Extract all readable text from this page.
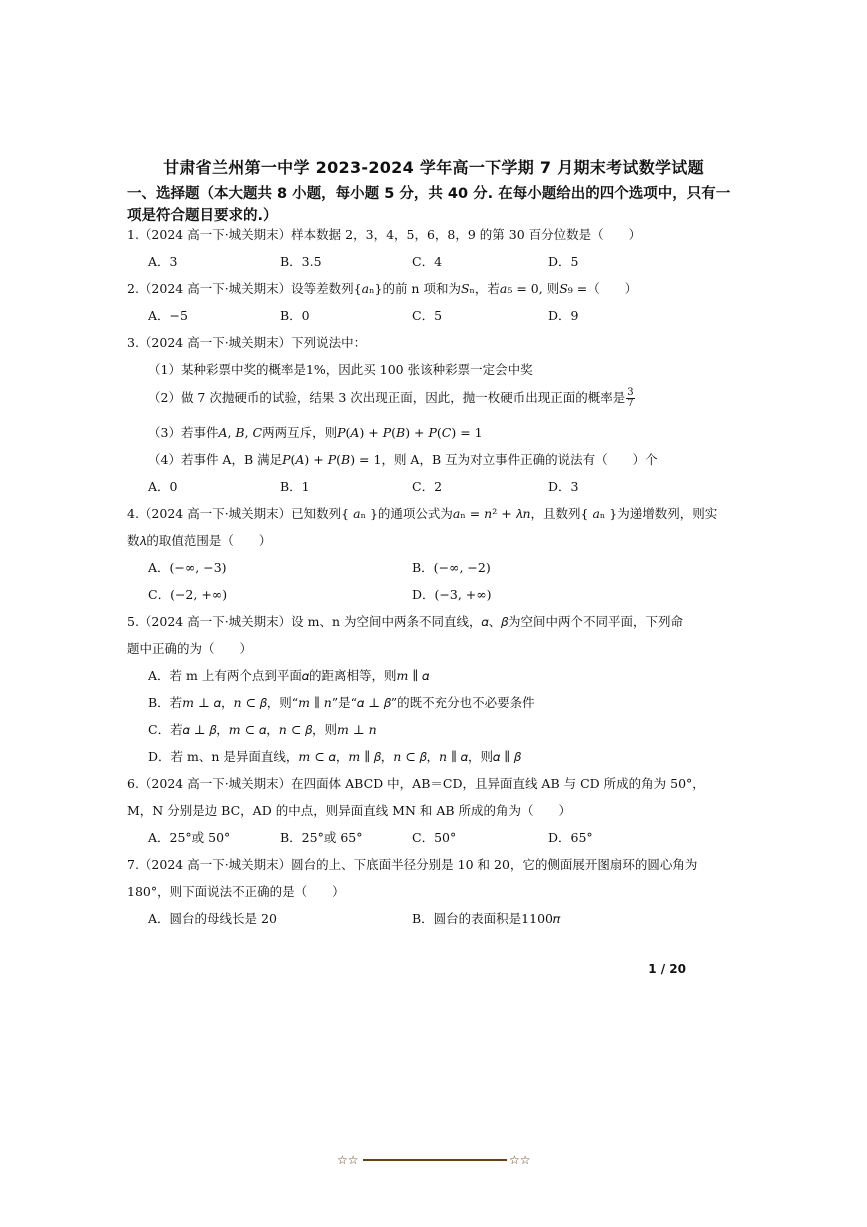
甘肃省兰州第一中学 2023-2024 学年高一下学期 7 月期末考试数学试题
一、选择题（本大题共 8 小题，每小题 5 分，共 40 分. 在每小题给出的四个选项中，只有一
项是符合题目要求的.）
1.（2024 高一下·城关期末）样本数据 2，3，4，5，6，8，9 的第 30 百分位数是（　　）
A．3	B．3.5	C．4	D．5
2.（2024 高一下·城关期末）设等差数列{𝑎ₙ}的前 n 项和为𝑆ₙ，若𝑎₅ = 0, 则𝑆₉ =（　　）
A．−5	B．0	C．5	D．9
3.（2024 高一下·城关期末）下列说法中：
（1）某种彩票中奖的概率是1%，因此买 100 张该种彩票一定会中奖
（2）做 7 次抛硬币的试验，结果 3 次出现正面，因此，抛一枚硬币出现正面的概率是 $\frac{3}{7}$
（3）若事件𝐴, 𝐵, 𝐶两两互斥，则𝑃(𝐴) + 𝑃(𝐵) + 𝑃(𝐶) = 1
（4）若事件 A，B 满足𝑃(𝐴) + 𝑃(𝐵) = 1，则 A，B 互为对立事件正确的说法有（　　）个
A．0	B．1	C．2	D．3
4.（2024 高一下·城关期末）已知数列{ 𝑎ₙ }的通项公式为𝑎ₙ = 𝑛² + 𝜆𝑛，且数列{ 𝑎ₙ }为递增数列，则实
数𝜆的取值范围是（　　）
A．(−∞, −3)	B．(−∞, −2)
C．(−2, +∞)	D．(−3, +∞)
5.（2024 高一下·城关期末）设 m、n 为空间中两条不同直线，𝛼、𝛽为空间中两个不同平面，下列命
题中正确的为（　　）
A．若 m 上有两个点到平面𝛼的距离相等，则𝑚 ∥ 𝛼
B．若𝑚 ⊥ 𝛼，𝑛 ⊂ 𝛽，则“𝑚 ∥ 𝑛”是“𝛼 ⊥ 𝛽”的既不充分也不必要条件
C．若𝛼 ⊥ 𝛽，𝑚 ⊂ 𝛼，𝑛 ⊂ 𝛽，则𝑚 ⊥ 𝑛
D．若 m、n 是异面直线，𝑚 ⊂ 𝛼，𝑚 ∥ 𝛽，𝑛 ⊂ 𝛽，𝑛 ∥ 𝛼，则𝛼 ∥ 𝛽
6.（2024 高一下·城关期末）在四面体 ABCD 中，AB＝CD，且异面直线 AB 与 CD 所成的角为 50°，
M，N 分别是边 BC，AD 的中点，则异面直线 MN 和 AB 所成的角为（　　）
A．25°或 50°	B．25°或 65°	C．50°	D．65°
7.（2024 高一下·城关期末）圆台的上、下底面半径分别是 10 和 20，它的侧面展开图扇环的圆心角为
180°，则下面说法不正确的是（　　）
A．圆台的母线长是 20	B．圆台的表面积是1100𝜋
1 / 20
☆☆	☆☆
